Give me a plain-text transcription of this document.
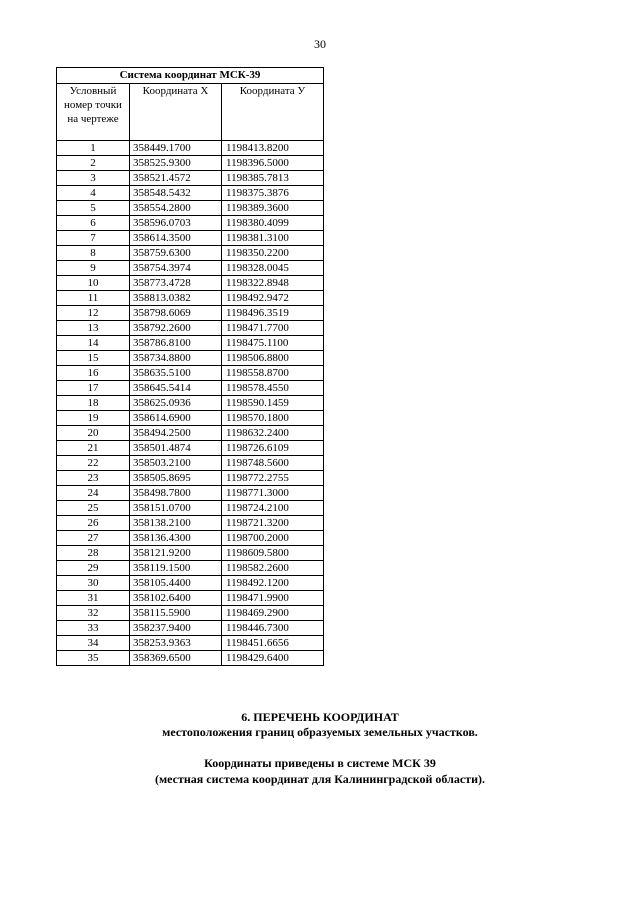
30
Система координат МСК-39		
Условный номер точки на чертеже	Координата X	Координата У
1	358449.1700	1198413.8200
2	358525.9300	1198396.5000
3	358521.4572	1198385.7813
4	358548.5432	1198375.3876
5	358554.2800	1198389.3600
6	358596.0703	1198380.4099
7	358614.3500	1198381.3100
8	358759.6300	1198350.2200
9	358754.3974	1198328.0045
10	358773.4728	1198322.8948
11	358813.0382	1198492.9472
12	358798.6069	1198496.3519
13	358792.2600	1198471.7700
14	358786.8100	1198475.1100
15	358734.8800	1198506.8800
16	358635.5100	1198558.8700
17	358645.5414	1198578.4550
18	358625.0936	1198590.1459
19	358614.6900	1198570.1800
20	358494.2500	1198632.2400
21	358501.4874	1198726.6109
22	358503.2100	1198748.5600
23	358505.8695	1198772.2755
24	358498.7800	1198771.3000
25	358151.0700	1198724.2100
26	358138.2100	1198721.3200
27	358136.4300	1198700.2000
28	358121.9200	1198609.5800
29	358119.1500	1198582.2600
30	358105.4400	1198492.1200
31	358102.6400	1198471.9900
32	358115.5900	1198469.2900
33	358237.9400	1198446.7300
34	358253.9363	1198451.6656
35	358369.6500	1198429.6400
6. ПЕРЕЧЕНЬ КООРДИНАТ
местоположения границ образуемых земельных участков.
Координаты приведены в системе МСК 39
(местная система координат для Калининградской области).
